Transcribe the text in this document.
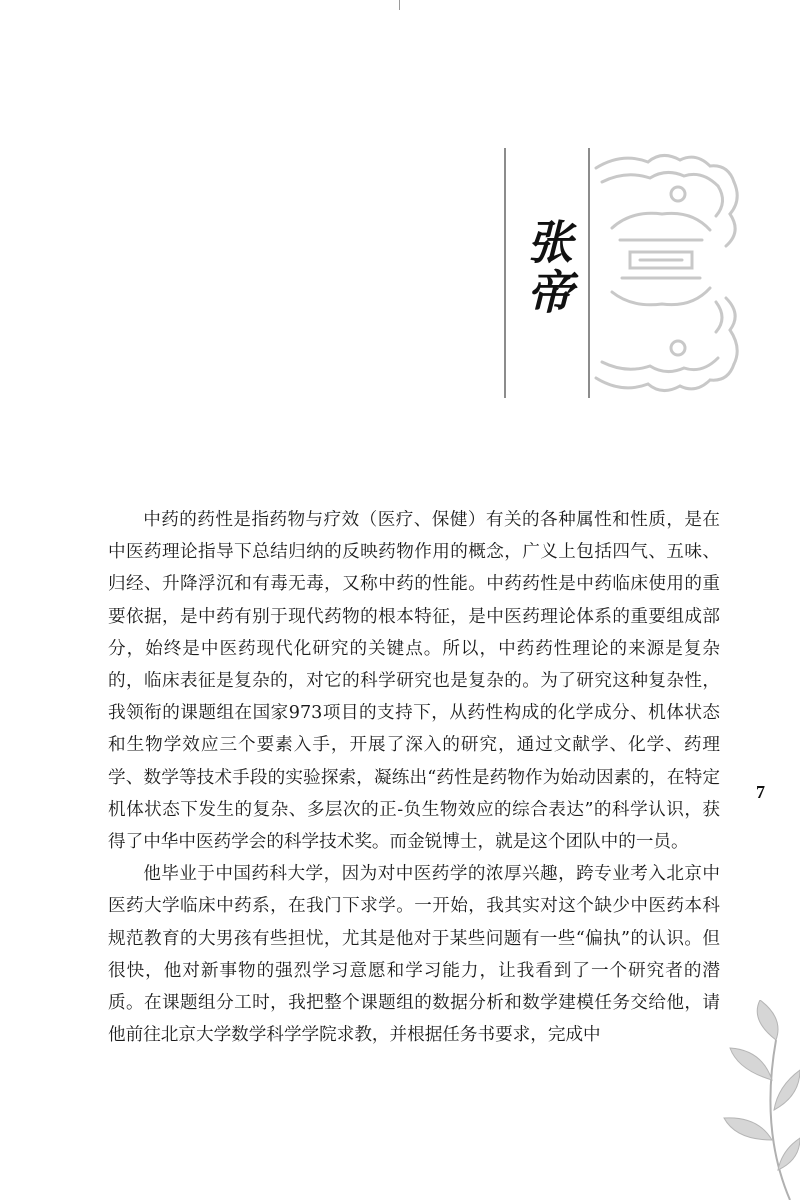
张帝

中药的药性是指药物与疗效（医疗、保健）有关的各种属性和性质，是在中医药理论指导下总结归纳的反映药物作用的概念，广义上包括四气、五味、归经、升降浮沉和有毒无毒，又称中药的性能。中药药性是中药临床使用的重要依据，是中药有别于现代药物的根本特征，是中医药理论体系的重要组成部分，始终是中医药现代化研究的关键点。所以，中药药性理论的来源是复杂的，临床表征是复杂的，对它的科学研究也是复杂的。为了研究这种复杂性，我领衔的课题组在国家973项目的支持下，从药性构成的化学成分、机体状态和生物学效应三个要素入手，开展了深入的研究，通过文献学、化学、药理学、数学等技术手段的实验探索，凝练出“药性是药物作为始动因素的，在特定机体状态下发生的复杂、多层次的正-负生物效应的综合表达”的科学认识，获得了中华中医药学会的科学技术奖。而金锐博士，就是这个团队中的一员。

他毕业于中国药科大学，因为对中医药学的浓厚兴趣，跨专业考入北京中医药大学临床中药系，在我门下求学。一开始，我其实对这个缺少中医药本科规范教育的大男孩有些担忧，尤其是他对于某些问题有一些“偏执”的认识。但很快，他对新事物的强烈学习意愿和学习能力，让我看到了一个研究者的潜质。在课题组分工时，我把整个课题组的数据分析和数学建模任务交给他，请他前往北京大学数学科学学院求教，并根据任务书要求，完成中

7
